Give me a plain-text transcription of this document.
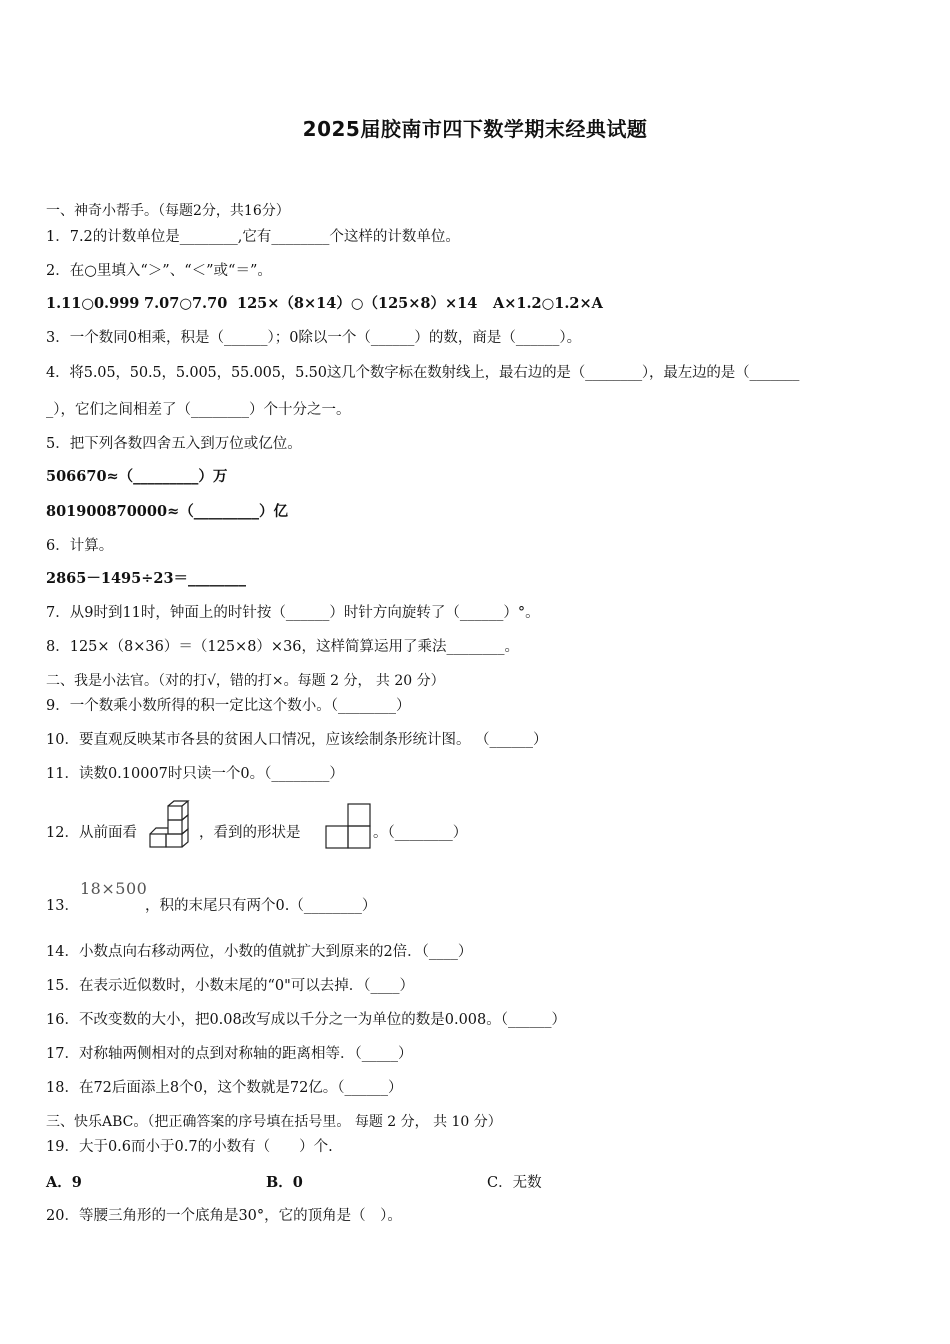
2025届胶南市四下数学期末经典试题
一、神奇小帮手。（每题2分，共16分）
1．7.2的计数单位是________,它有________个这样的计数单位。
2．在○里填入“＞”、“＜”或“＝”。
1.11○0.999 7.07○7.70 125×（8×14）○（125×8）×14 A×1.2○1.2×A
3．一个数同0相乘，积是（______）；0除以一个（______）的数，商是（______）。
4．将5.05，50.5，5.005，55.005，5.50这几个数字标在数射线上，最右边的是（________），最左边的是（_______
_），它们之间相差了（________）个十分之一。
5．把下列各数四舍五入到万位或亿位。
506670≈（_________）万
801900870000≈（_________）亿
6．计算。
2865－1495÷23＝________
7．从9时到11时，钟面上的时针按（______）时针方向旋转了（______）°。
8．125×（8×36）＝（125×8）×36，这样简算运用了乘法________。
二、我是小法官。（对的打√，错的打×。每题 2 分， 共 20 分）
9．一个数乘小数所得的积一定比这个数小。（________）
10．要直观反映某市各县的贫困人口情况，应该绘制条形统计图。 （______）
11．读数0.10007时只读一个0。（________）
12．从前面看	，看到的形状是	。（________）
13．
18×500
，积的末尾只有两个0.（________）
14．小数点向右移动两位，小数的值就扩大到原来的2倍．（____）
15．在表示近似数时，小数末尾的“0"可以去掉．（____）
16．不改变数的大小，把0.08改写成以千分之一为单位的数是0.008。（______）
17．对称轴两侧相对的点到对称轴的距离相等．（_____）
18．在72后面添上8个0，这个数就是72亿。（______）
三、快乐ABC。（把正确答案的序号填在括号里。 每题 2 分， 共 10 分）
19．大于0.6而小于0.7的小数有（　　）个.
A．9	B．0	C．无数
20．等腰三角形的一个底角是30°，它的顶角是（　）。
